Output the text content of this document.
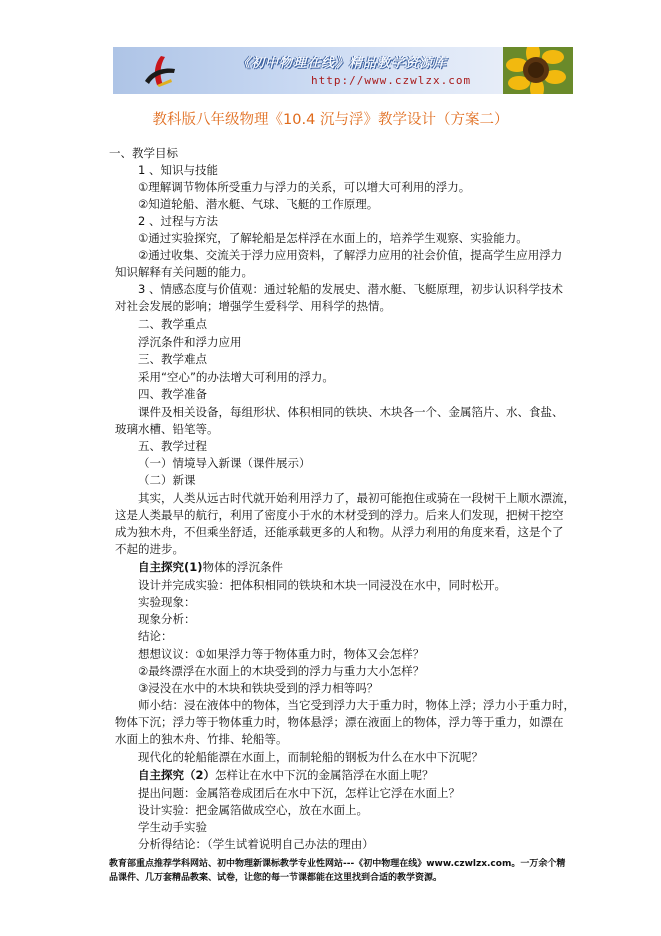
《初中物理在线》精品教学资源库
http://www.czwlzx.com
教科版八年级物理《10.4 沉与浮》教学设计（方案二）
一、教学目标
1 、知识与技能
①理解调节物体所受重力与浮力的关系，可以增大可利用的浮力。
②知道轮船、潜水艇、气球、飞艇的工作原理。
2 、过程与方法
①通过实验探究，了解轮船是怎样浮在水面上的，培养学生观察、实验能力。
②通过收集、交流关于浮力应用资料，了解浮力应用的社会价值，提高学生应用浮力
知识解释有关问题的能力。
3 、情感态度与价值观：通过轮船的发展史、潜水艇、飞艇原理，初步认识科学技术
对社会发展的影响；增强学生爱科学、用科学的热情。
二、教学重点
浮沉条件和浮力应用
三、教学难点
采用“空心”的办法增大可利用的浮力。
四、教学准备
课件及相关设备，每组形状、体积相同的铁块、木块各一个、金属箔片、水、食盐、
玻璃水槽、铅笔等。
五、教学过程
（一）情境导入新课（课件展示）
（二）新课
其实，人类从远古时代就开始利用浮力了，最初可能抱住或骑在一段树干上顺水漂流，
这是人类最早的航行，利用了密度小于水的木材受到的浮力。后来人们发现，把树干挖空
成为独木舟，不但乘坐舒适，还能承载更多的人和物。从浮力利用的角度来看，这是个了
不起的进步。
自主探究(1)物体的浮沉条件
设计并完成实验：把体积相同的铁块和木块一同浸没在水中，同时松开。
实验现象：
现象分析：
结论：
想想议议：①如果浮力等于物体重力时，物体又会怎样？
②最终漂浮在水面上的木块受到的浮力与重力大小怎样？
③浸没在水中的木块和铁块受到的浮力相等吗？
师小结：浸在液体中的物体，当它受到浮力大于重力时，物体上浮；浮力小于重力时，
物体下沉；浮力等于物体重力时，物体悬浮；漂在液面上的物体，浮力等于重力，如漂在
水面上的独木舟、竹排、轮船等。
现代化的轮船能漂在水面上，而制轮船的钢板为什么在水中下沉呢？
自主探究（2）怎样让在水中下沉的金属箔浮在水面上呢？
提出问题：金属箔卷成团后在水中下沉，怎样让它浮在水面上？
设计实验：把金属箔做成空心，放在水面上。
学生动手实验
分析得结论：（学生试着说明自己办法的理由）
教育部重点推荐学科网站、初中物理新课标教学专业性网站---《初中物理在线》www.czwlzx.com。一万余个精品课件、几万套精品教案、试卷，让您的每一节课都能在这里找到合适的教学资源。
